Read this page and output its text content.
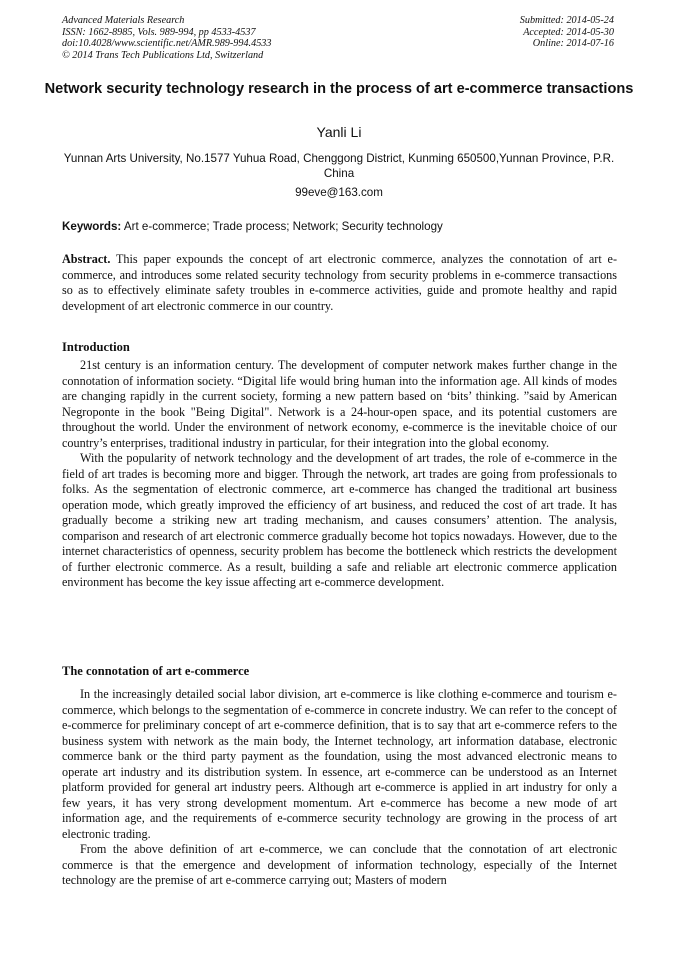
Advanced Materials Research
ISSN: 1662-8985, Vols. 989-994, pp 4533-4537
doi:10.4028/www.scientific.net/AMR.989-994.4533
© 2014 Trans Tech Publications Ltd, Switzerland
Submitted: 2014-05-24
Accepted: 2014-05-30
Online: 2014-07-16
Network security technology research in the process of art e-commerce transactions

Yanli Li

Yunnan Arts University, No.1577 Yuhua Road, Chenggong District, Kunming 650500,Yunnan Province, P.R. China

99eve@163.com

Keywords: Art e-commerce; Trade process; Network; Security technology

Abstract. This paper expounds the concept of art electronic commerce, analyzes the connotation of art e-commerce, and introduces some related security technology from security problems in e-commerce transactions so as to effectively eliminate safety troubles in e-commerce activities, guide and promote healthy and rapid development of art electronic commerce in our country.

Introduction

21st century is an information century. The development of computer network makes further change in the connotation of information society. “Digital life would bring human into the information age. All kinds of modes are changing rapidly in the current society, forming a new pattern based on ‘bits’ thinking. ”said by American Negroponte in the book "Being Digital". Network is a 24-hour-open space, and its potential customers are throughout the world. Under the environment of network economy, e-commerce is the inevitable choice of our country’s enterprises, traditional industry in particular, for their integration into the global economy.

With the popularity of network technology and the development of art trades, the role of e-commerce in the field of art trades is becoming more and bigger. Through the network, art trades are going from professionals to folks. As the segmentation of electronic commerce, art e-commerce has changed the traditional art business operation mode, which greatly improved the efficiency of art business, and reduced the cost of art trade. It has gradually become a striking new art trading mechanism, and causes consumers’ attention. The analysis, comparison and research of art electronic commerce gradually become hot topics nowadays. However, due to the internet characteristics of openness, security problem has become the bottleneck which restricts the development of further electronic commerce. As a result, building a safe and reliable art electronic commerce application environment has become the key issue affecting art e-commerce development.

The connotation of art e-commerce

In the increasingly detailed social labor division, art e-commerce is like clothing e-commerce and tourism e-commerce, which belongs to the segmentation of e-commerce in concrete industry. We can refer to the concept of e-commerce for preliminary concept of art e-commerce definition, that is to say that art e-commerce refers to the business system with network as the main body, the Internet technology, art information database, electronic commerce bank or the third party payment as the foundation, using the most advanced electronic means to operate art industry and its distribution system. In essence, art e-commerce can be understood as an Internet platform provided for general art industry peers. Although art e-commerce is applied in art industry for only a few years, it has very strong development momentum. Art e-commerce has become a new mode of art information age, and the requirements of e-commerce security technology are growing in the process of art electronic trading.

From the above definition of art e-commerce, we can conclude that the connotation of art electronic commerce is that the emergence and development of information technology, especially of the Internet technology are the premise of art e-commerce carrying out; Masters of modern
